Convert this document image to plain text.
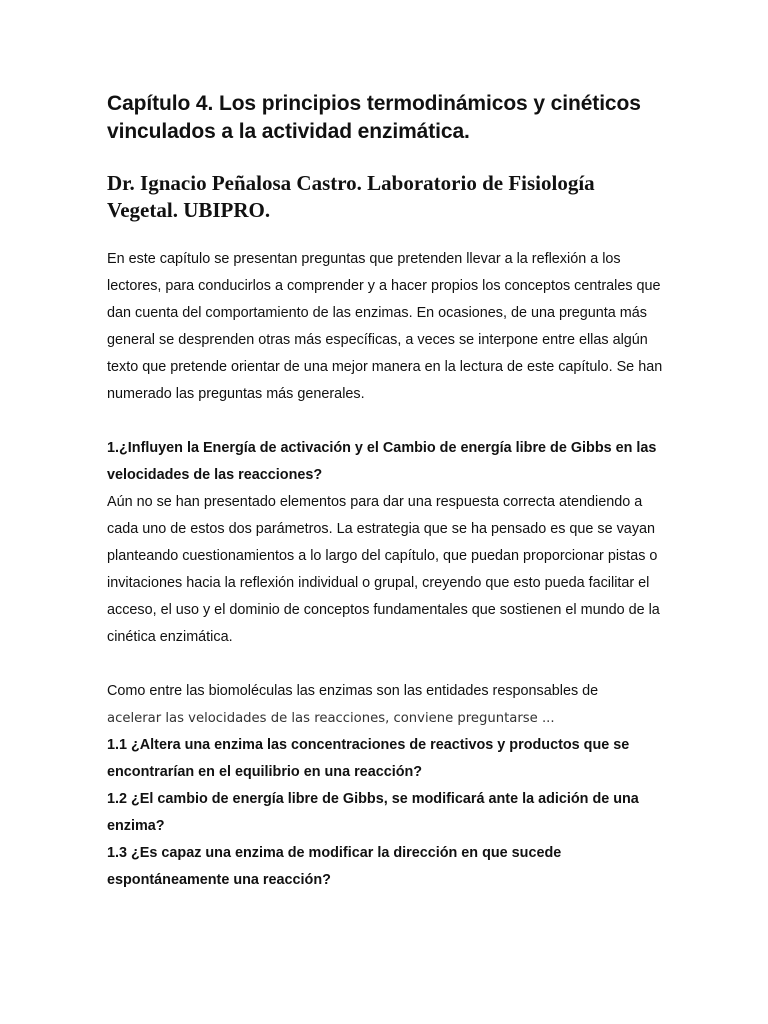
Capítulo 4. Los principios termodinámicos y cinéticos vinculados a la actividad enzimática.
Dr. Ignacio Peñalosa Castro. Laboratorio de Fisiología Vegetal. UBIPRO.

En este capítulo se presentan preguntas que pretenden llevar a la reflexión a los lectores, para conducirlos a comprender y a hacer propios los conceptos centrales que dan cuenta del comportamiento de las enzimas. En ocasiones, de una pregunta más general se desprenden otras más específicas, a veces se interpone entre ellas algún texto que pretende orientar de una mejor manera en la lectura de este capítulo. Se han numerado las preguntas más generales.

1.¿Influyen la Energía de activación y el Cambio de energía libre de Gibbs en las velocidades de las reacciones?

Aún no se han presentado elementos para dar una respuesta correcta atendiendo a cada uno de estos dos parámetros. La estrategia que se ha pensado es que se vayan planteando cuestionamientos a lo largo del capítulo, que puedan proporcionar pistas o invitaciones hacia la reflexión individual o grupal, creyendo que esto pueda facilitar el acceso, el uso y el dominio de conceptos fundamentales que sostienen el mundo de la cinética enzimática.

Como entre las biomoléculas las enzimas son las entidades responsables de
acelerar las velocidades de las reacciones, conviene preguntarse ...

1.1 ¿Altera una enzima las concentraciones de reactivos y productos que se encontrarían en el equilibrio en una reacción?

1.2 ¿El cambio de energía libre de Gibbs, se modificará ante la adición de una enzima?

1.3 ¿Es capaz una enzima de modificar la dirección en que sucede espontáneamente una reacción?
